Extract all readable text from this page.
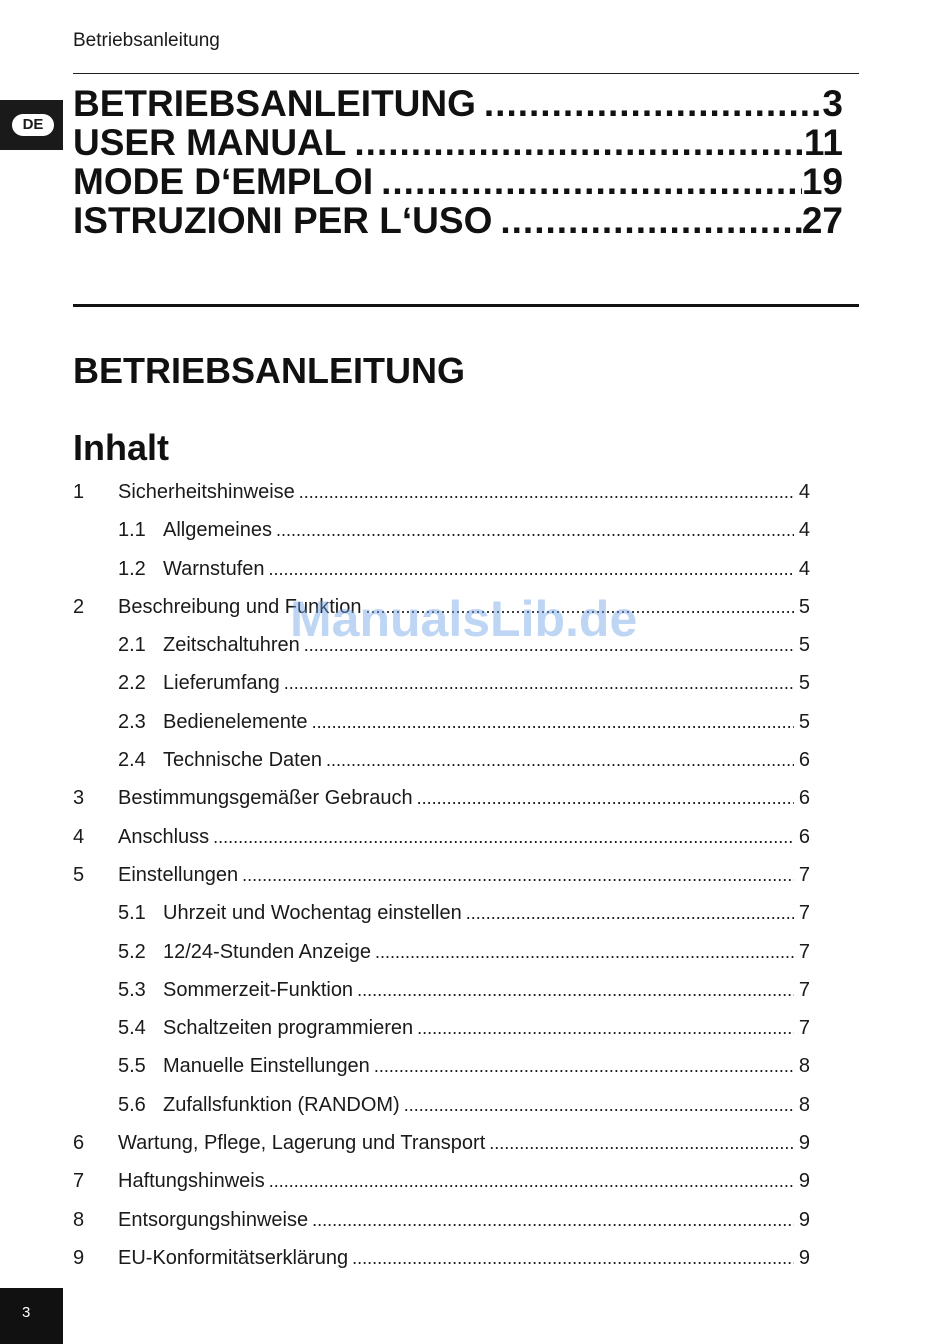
Betriebsanleitung
DE
BETRIEBSANLEITUNG .....	3
USER MANUAL .....	11
MODE D‘EMPLOI .....	19
ISTRUZIONI PER L‘USO .....	27
BETRIEBSANLEITUNG
Inhalt
1 Sicherheitshinweise .....	4
1.1 Allgemeines .....	4
1.2 Warnstufen .....	4
2 Beschreibung und Funktion .....	5
2.1 Zeitschaltuhren .....	5
2.2 Lieferumfang .....	5
2.3 Bedienelemente .....	5
2.4 Technische Daten .....	6
3 Bestimmungsgemäßer Gebrauch .....	6
4 Anschluss .....	6
5 Einstellungen .....	7
5.1 Uhrzeit und Wochentag einstellen .....	7
5.2 12/24-Stunden Anzeige .....	7
5.3 Sommerzeit-Funktion .....	7
5.4 Schaltzeiten programmieren .....	7
5.5 Manuelle Einstellungen .....	8
5.6 Zufallsfunktion (RANDOM) .....	8
6 Wartung, Pflege, Lagerung und Transport .....	9
7 Haftungshinweis .....	9
8 Entsorgungshinweise .....	9
9 EU-Konformitätserklärung .....	9
ManualsLib.de
3
